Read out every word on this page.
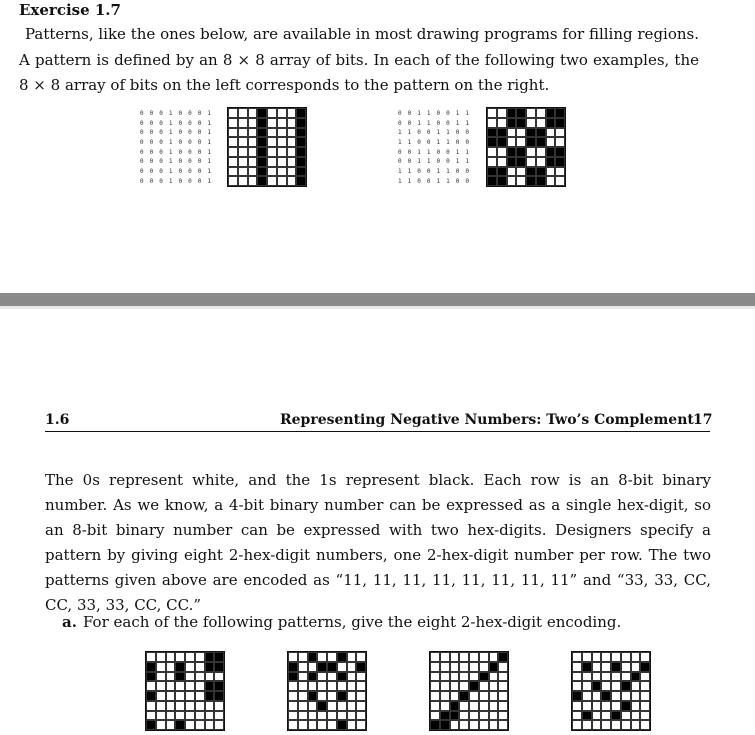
Exercise 1.7

Patterns, like the ones below, are available in most drawing programs for filling regions. A pattern is defined by an 8 × 8 array of bits. In each of the following two examples, the 8 × 8 array of bits on the left corresponds to the pattern on the right.

0 0 0 1 0 0 0 1
0 0 0 1 0 0 0 1
0 0 0 1 0 0 0 1
0 0 0 1 0 0 0 1
0 0 0 1 0 0 0 1
0 0 0 1 0 0 0 1
0 0 0 1 0 0 0 1
0 0 0 1 0 0 0 1
0 0 1 1 0 0 1 1
0 0 1 1 0 0 1 1
1 1 0 0 1 1 0 0
1 1 0 0 1 1 0 0
0 0 1 1 0 0 1 1
0 0 1 1 0 0 1 1
1 1 0 0 1 1 0 0
1 1 0 0 1 1 0 0
1.6	Representing Negative Numbers: Two’s Complement 17

The 0s represent white, and the 1s represent black. Each row is an 8-bit binary number. As we know, a 4-bit binary number can be expressed as a single hex-digit, so an 8-bit binary number can be expressed with two hex-digits. Designers specify a pattern by giving eight 2-hex-digit numbers, one 2-hex-digit number per row. The two patterns given above are encoded as “11, 11, 11, 11, 11, 11, 11, 11” and “33, 33, CC, CC, 33, 33, CC, CC.”

a. For each of the following patterns, give the eight 2-hex-digit encoding.
